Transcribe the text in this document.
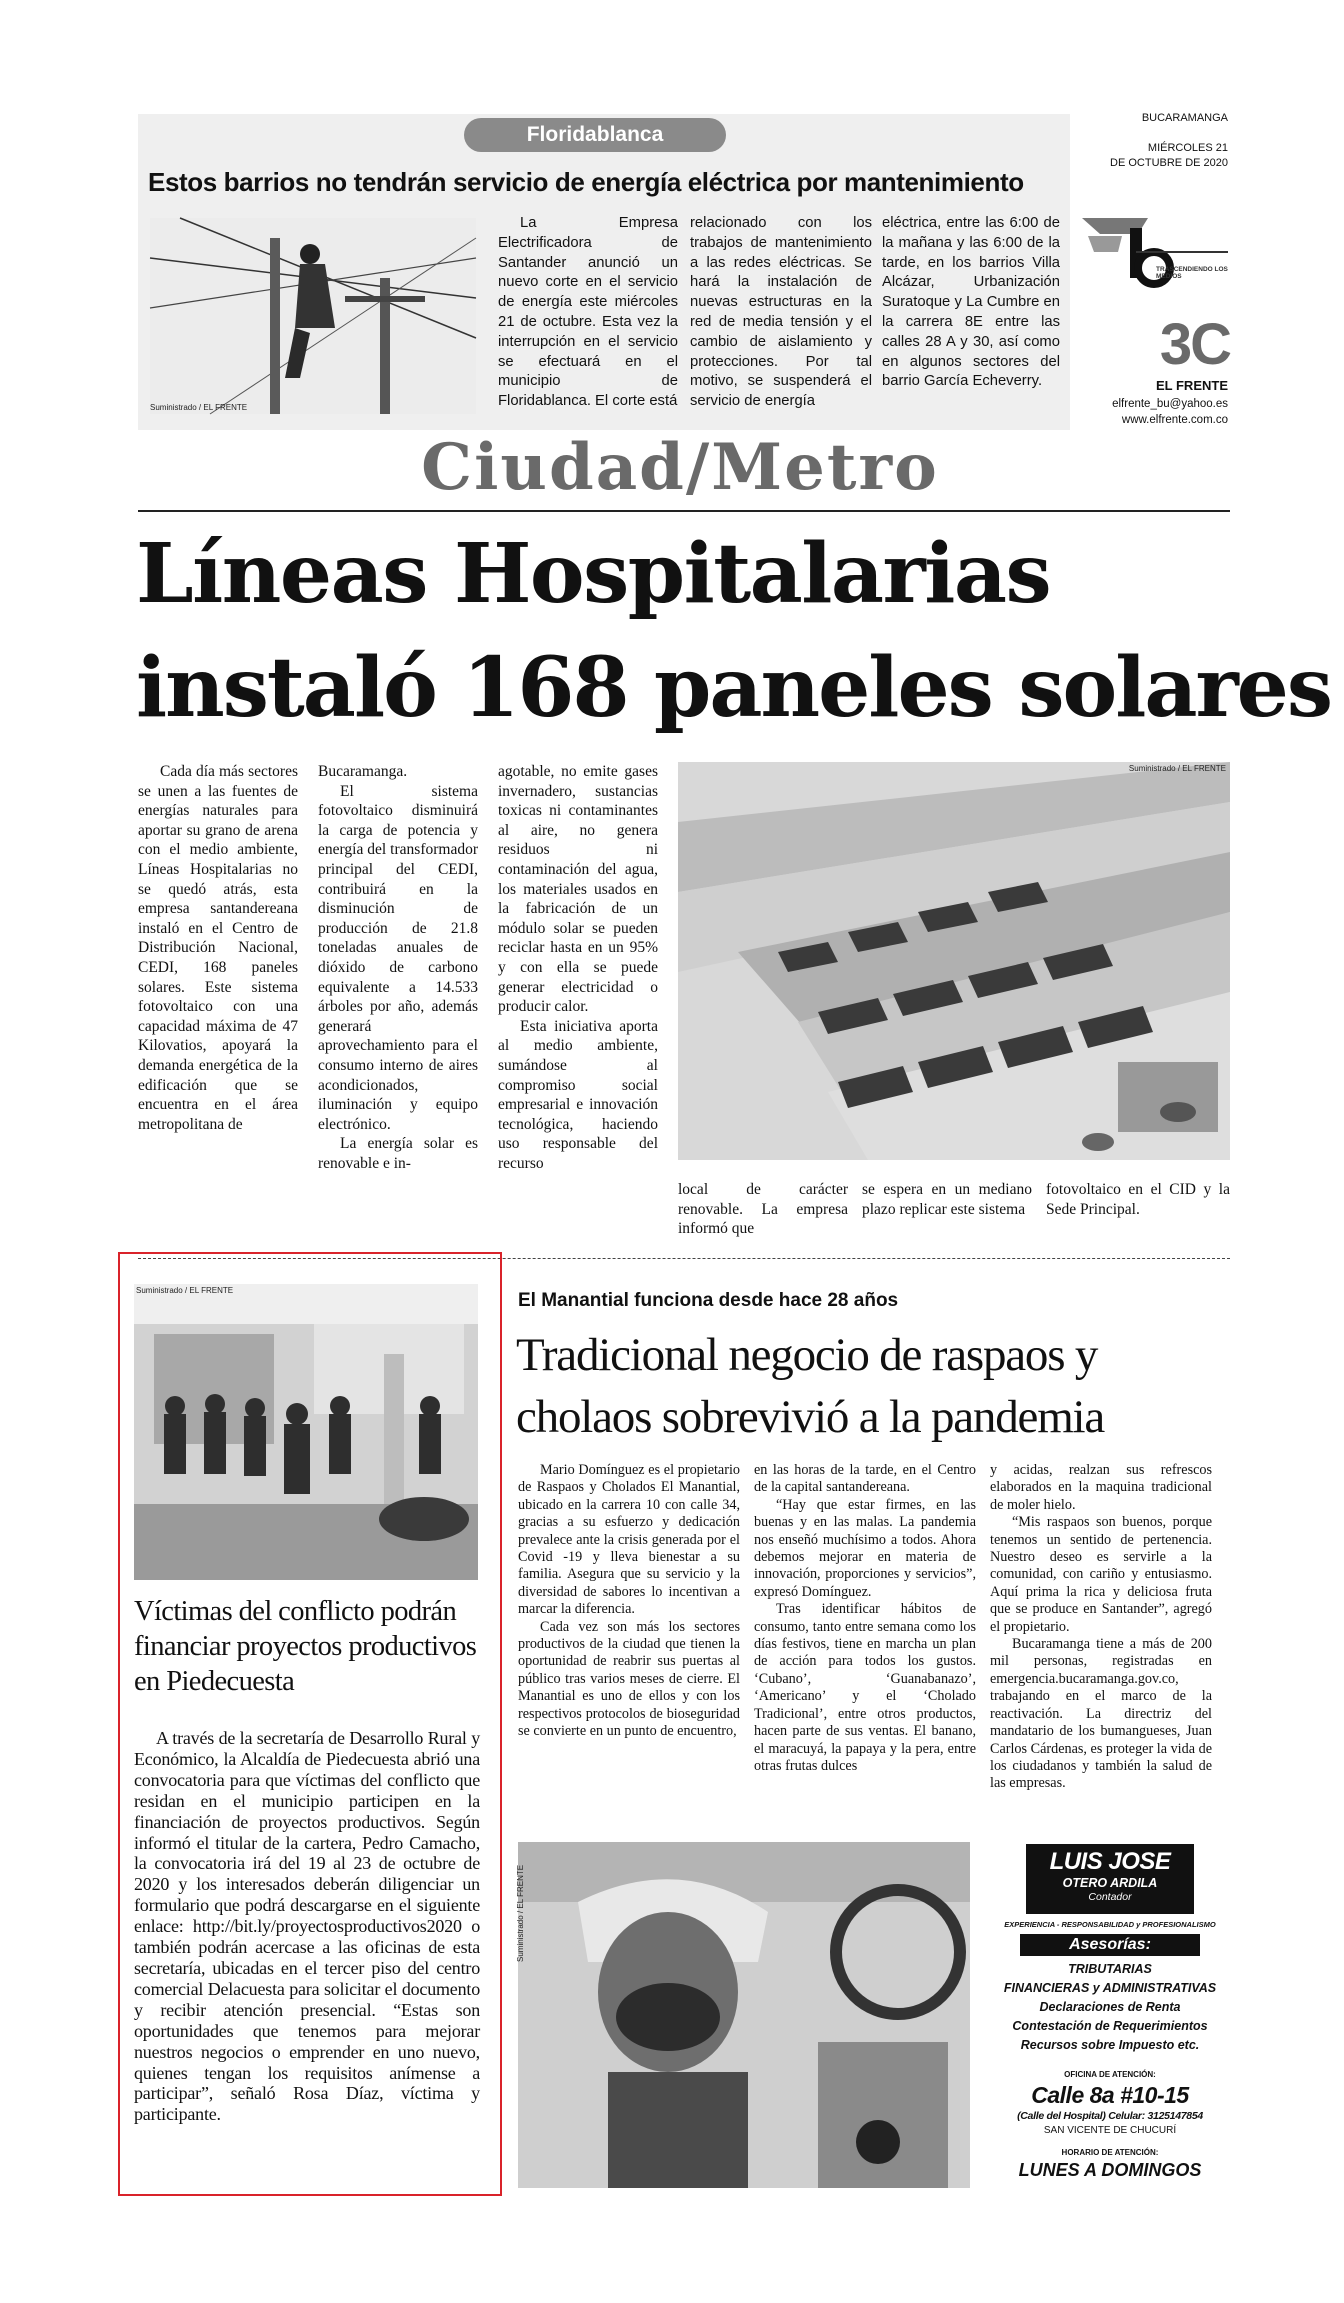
Floridablanca
Estos barrios no tendrán servicio de energía eléctrica por mantenimiento
Suministrado / EL FRENTE

La Empresa Electrificadora de Santander anunció un nuevo corte en el servicio de energía este miércoles 21 de octubre. Esta vez la interrupción en el servicio se efectuará en el municipio de Floridablanca. El corte está

relacionado con los trabajos de mantenimiento a las redes eléctricas. Se hará la instalación de nuevas estructuras en la red de media tensión y el cambio de aislamiento y protecciones. Por tal motivo, se suspenderá el servicio de energía

eléctrica, entre las 6:00 de la mañana y las 6:00 de la tarde, en los barrios Villa Alcázar, Urbanización Suratoque y La Cumbre en la carrera 8E entre las calles 28 A y 30, así como en algunos sectores del barrio García Echeverry.

BUCARAMANGA
MIÉRCOLES 21
DE OCTUBRE DE 2020
TRASCENDIENDO LOS MEDIOS
3C
EL FRENTE
elfrente_bu@yahoo.es
www.elfrente.com.co
Ciudad/Metro
Líneas Hospitalarias
instaló 168 paneles solares

Cada día más sectores se unen a las fuentes de energías naturales para aportar su grano de arena con el medio ambiente, Líneas Hospitalarias no se quedó atrás, esta empresa santandereana instaló en el Centro de Distribución Nacional, CEDI, 168 paneles solares. Este sistema fotovoltaico con una capacidad máxima de 47 Kilovatios, apoyará la demanda energética de la edificación que se encuentra en el área metropolitana de

Bucaramanga.

El sistema fotovoltaico disminuirá la carga de potencia y energía del transformador principal del CEDI, contribuirá en la disminución de producción de 21.8 toneladas anuales de dióxido de carbono equivalente a 14.533 árboles por año, además generará aprovechamiento para el consumo interno de aires acondicionados, iluminación y equipo electrónico.

La energía solar es renovable e in-

agotable, no emite gases invernadero, sustancias toxicas ni contaminantes al aire, no genera residuos ni contaminación del agua, los materiales usados en la fabricación de un módulo solar se pueden reciclar hasta en un 95% y con ella se puede generar electricidad o producir calor.

Esta iniciativa aporta al medio ambiente, sumándose al compromiso social empresarial e innovación tecnológica, haciendo uso responsable del recurso

Suministrado / EL FRENTE

local de carácter renovable. La empresa informó que

se espera en un mediano plazo replicar este sistema

fotovoltaico en el CID y la Sede Principal.

Suministrado / EL FRENTE
Víctimas del conflicto podrán financiar proyectos productivos en Piedecuesta

A través de la secretaría de Desarrollo Rural y Económico, la Alcaldía de Piedecuesta abrió una convocatoria para que víctimas del conflicto que residan en el municipio participen en la financiación de proyectos productivos. Según informó el titular de la cartera, Pedro Camacho, la convocatoria irá del 19 al 23 de octubre de 2020 y los interesados deberán diligenciar un formulario que podrá descargarse en el siguiente enlace: http://bit.ly/proyectosproductivos2020 o también podrán acercase a las oficinas de esta secretaría, ubicadas en el tercer piso del centro comercial Delacuesta para solicitar el documento y recibir atención presencial. “Estas son oportunidades que tenemos para mejorar nuestros negocios o emprender en uno nuevo, quienes tengan los requisitos anímense a participar”, señaló Rosa Díaz, víctima y participante.

El Manantial funciona desde hace 28 años
Tradicional negocio de raspaos y
cholaos sobrevivió a la pandemia

Mario Domínguez es el propietario de Raspaos y Cholados El Manantial, ubicado en la carrera 10 con calle 34, gracias a su esfuerzo y dedicación prevalece ante la crisis generada por el Covid -19 y lleva bienestar a su familia. Asegura que su servicio y la diversidad de sabores lo incentivan a marcar la diferencia.

Cada vez son más los sectores productivos de la ciudad que tienen la oportunidad de reabrir sus puertas al público tras varios meses de cierre. El Manantial es uno de ellos y con los respectivos protocolos de bioseguridad se convierte en un punto de encuentro,

en las horas de la tarde, en el Centro de la capital santandereana.

“Hay que estar firmes, en las buenas y en las malas. La pandemia nos enseñó muchísimo a todos. Ahora debemos mejorar en materia de innovación, proporciones y servicios”, expresó Domínguez.

Tras identificar hábitos de consumo, tanto entre semana como los días festivos, tiene en marcha un plan de acción para todos los gustos. ‘Cubano’, ‘Guanabanazo’, ‘Americano’ y el ‘Cholado Tradicional’, entre otros productos, hacen parte de sus ventas. El banano, el maracuyá, la papaya y la pera, entre otras frutas dulces

y acidas, realzan sus refrescos elaborados en la maquina tradicional de moler hielo.

“Mis raspaos son buenos, porque tenemos un sentido de pertenencia. Nuestro deseo es servirle a la comunidad, con cariño y entusiasmo. Aquí prima la rica y deliciosa fruta que se produce en Santander”, agregó el propietario.

Bucaramanga tiene a más de 200 mil personas, registradas en emergencia.bucaramanga.gov.co, trabajando en el marco de la reactivación. La directriz del mandatario de los bumangueses, Juan Carlos Cárdenas, es proteger la vida de los ciudadanos y también la salud de las empresas.

Suministrado / EL FRENTE
LUIS JOSE
OTERO ARDILA
Contador
EXPERIENCIA - RESPONSABILIDAD y PROFESIONALISMO
Asesorías:
TRIBUTARIAS
FINANCIERAS y ADMINISTRATIVAS
Declaraciones de Renta
Contestación de Requerimientos
Recursos sobre Impuesto etc.
OFICINA DE ATENCIÓN:
Calle 8a #10-15
(Calle del Hospital) Celular: 3125147854
SAN VICENTE DE CHUCURÍ
HORARIO DE ATENCIÓN:
LUNES A DOMINGOS
